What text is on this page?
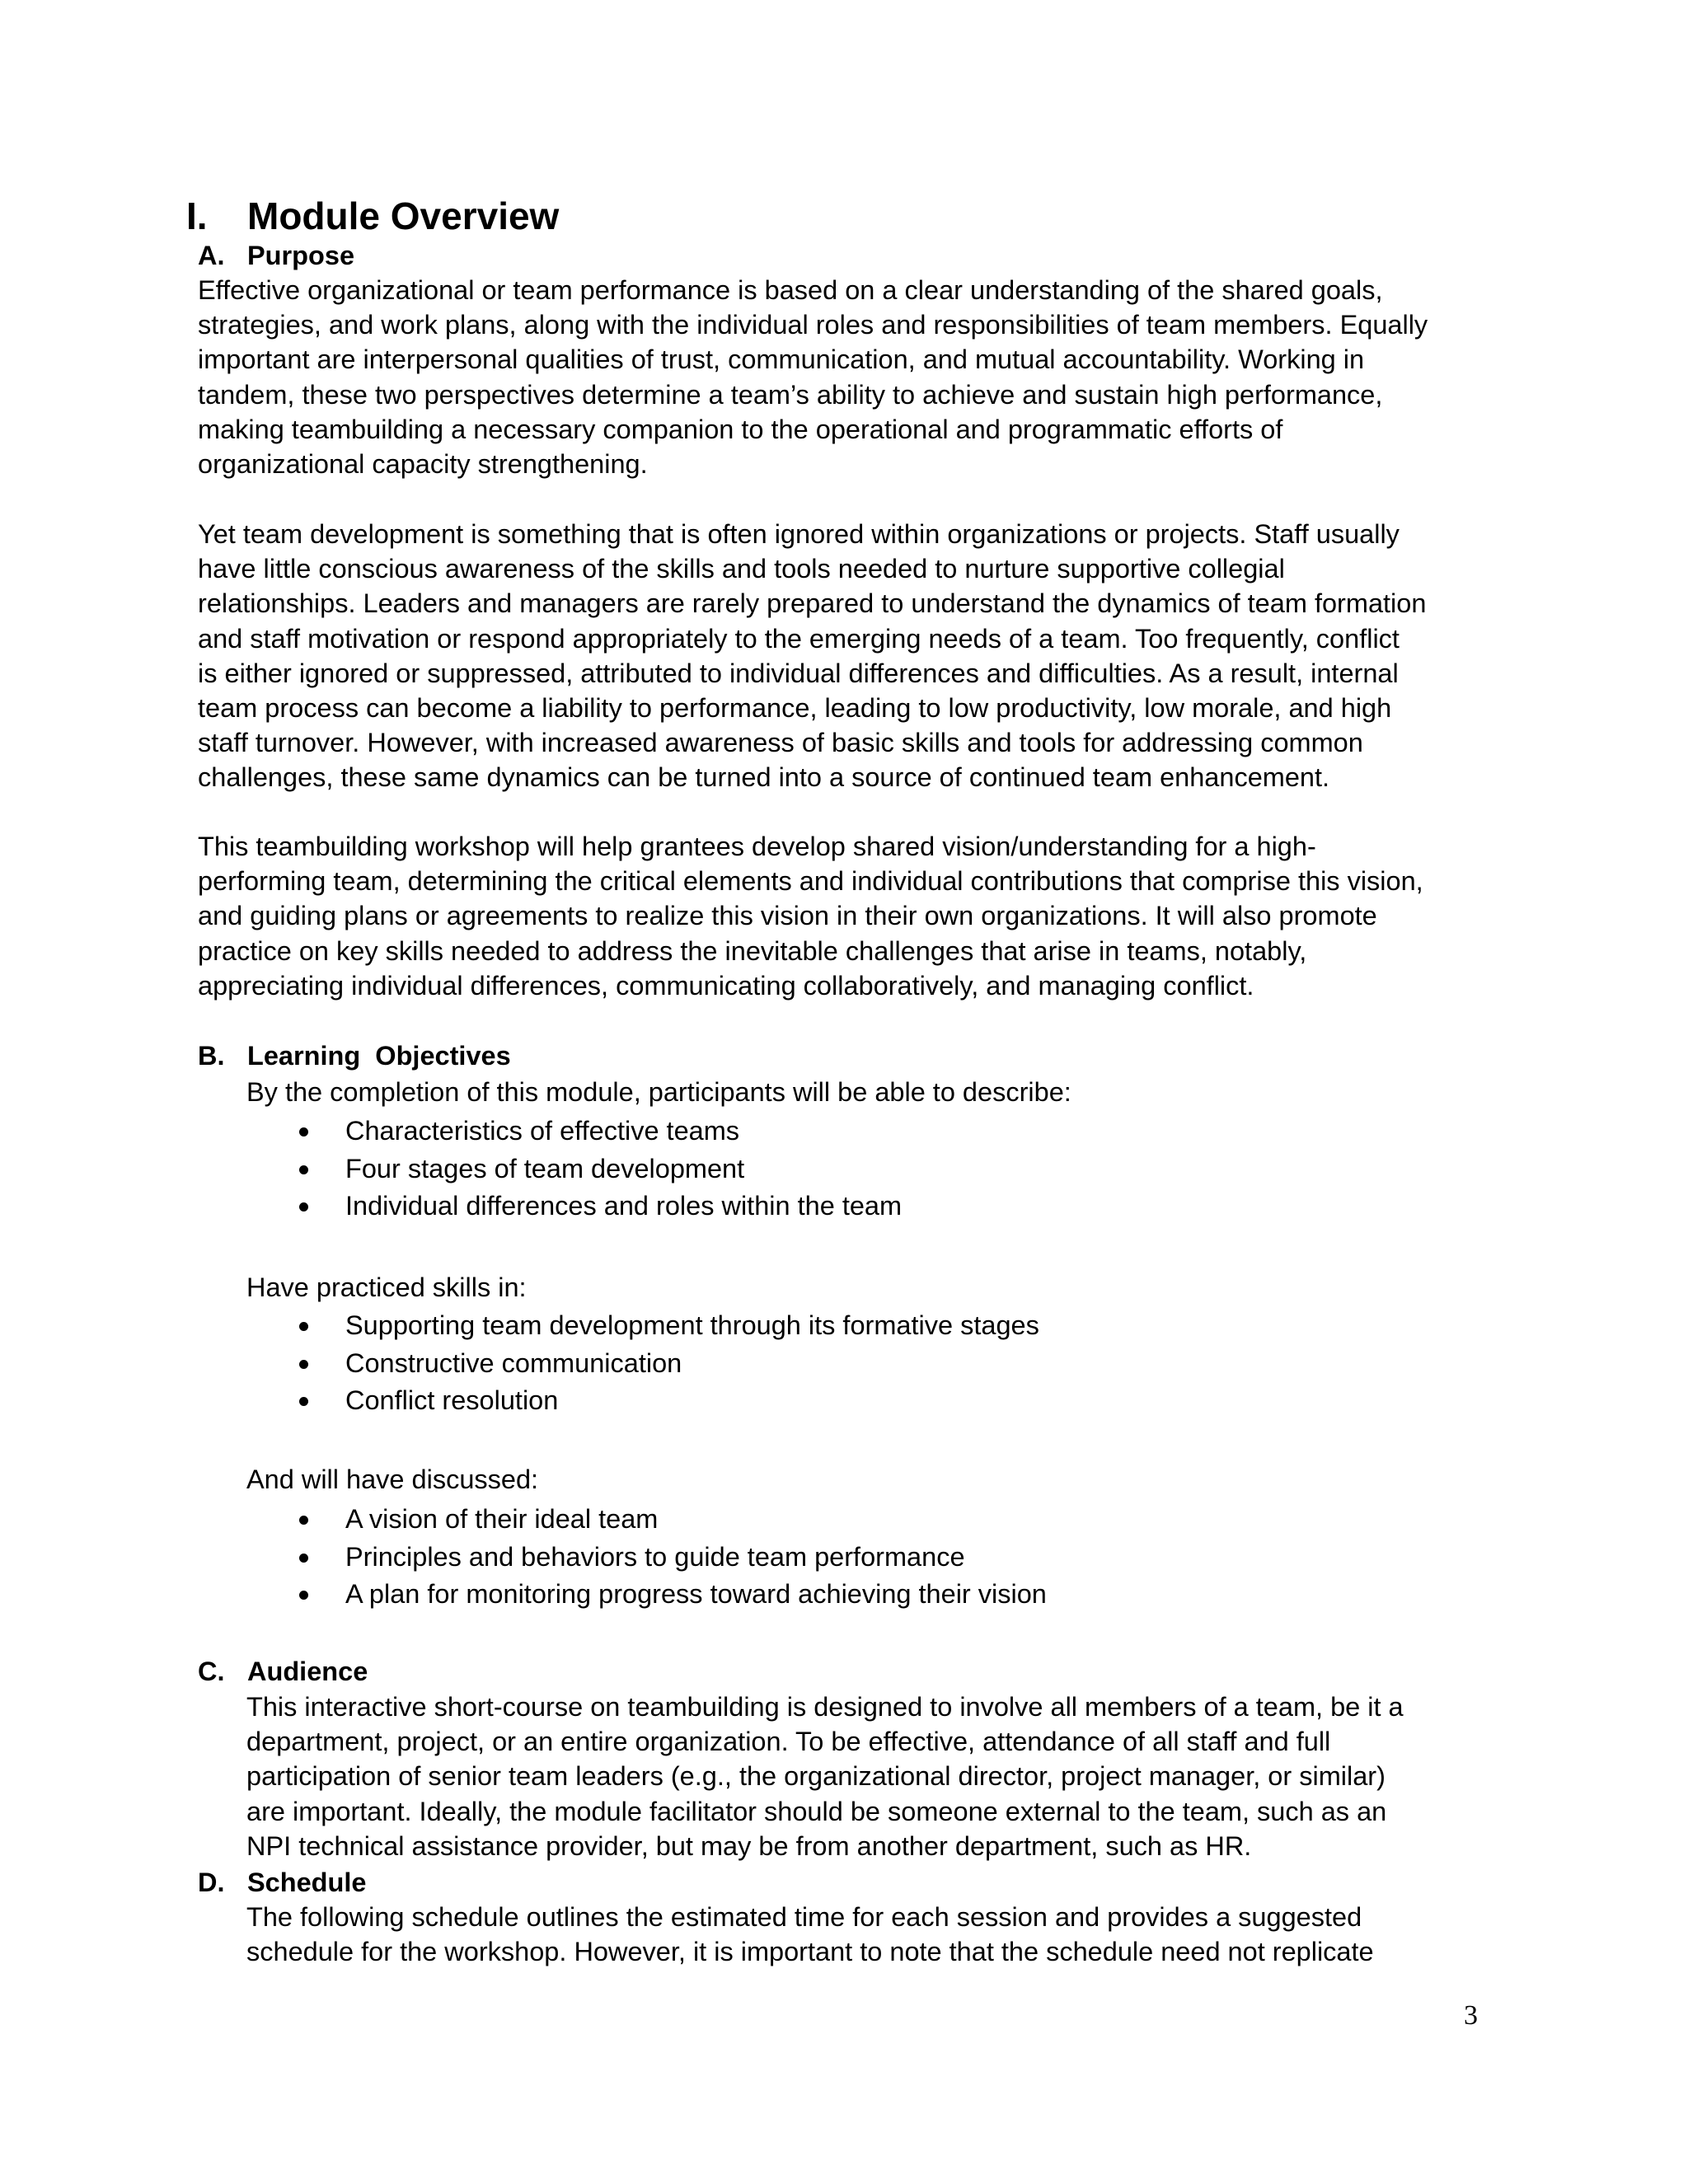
I. Module Overview
A. Purpose
Effective organizational or team performance is based on a clear understanding of the shared goals,
strategies, and work plans, along with the individual roles and responsibilities of team members. Equally
important are interpersonal qualities of trust, communication, and mutual accountability. Working in
tandem, these two perspectives determine a team’s ability to achieve and sustain high performance,
making teambuilding a necessary companion to the operational and programmatic efforts of
organizational capacity strengthening.
Yet team development is something that is often ignored within organizations or projects. Staff usually
have little conscious awareness of the skills and tools needed to nurture supportive collegial
relationships. Leaders and managers are rarely prepared to understand the dynamics of team formation
and staff motivation or respond appropriately to the emerging needs of a team. Too frequently, conflict
is either ignored or suppressed, attributed to individual differences and difficulties. As a result, internal
team process can become a liability to performance, leading to low productivity, low morale, and high
staff turnover. However, with increased awareness of basic skills and tools for addressing common
challenges, these same dynamics can be turned into a source of continued team enhancement.
This teambuilding workshop will help grantees develop shared vision/understanding for a high-
performing team, determining the critical elements and individual contributions that comprise this vision,
and guiding plans or agreements to realize this vision in their own organizations. It will also promote
practice on key skills needed to address the inevitable challenges that arise in teams, notably,
appreciating individual differences, communicating collaboratively, and managing conflict.
B. Learning  Objectives
By the completion of this module, participants will be able to describe:
Characteristics of effective teams
Four stages of team development
Individual differences and roles within the team
Have practiced skills in:
Supporting team development through its formative stages
Constructive communication
Conflict resolution
And will have discussed:
A vision of their ideal team
Principles and behaviors to guide team performance
A plan for monitoring progress toward achieving their vision
C. Audience
This interactive short-course on teambuilding is designed to involve all members of a team, be it a
department, project, or an entire organization. To be effective, attendance of all staff and full
participation of senior team leaders (e.g., the organizational director, project manager, or similar)
are important. Ideally, the module facilitator should be someone external to the team, such as an
NPI technical assistance provider, but may be from another department, such as HR.
D. Schedule
The following schedule outlines the estimated time for each session and provides a suggested
schedule for the workshop. However, it is important to note that the schedule need not replicate
3
